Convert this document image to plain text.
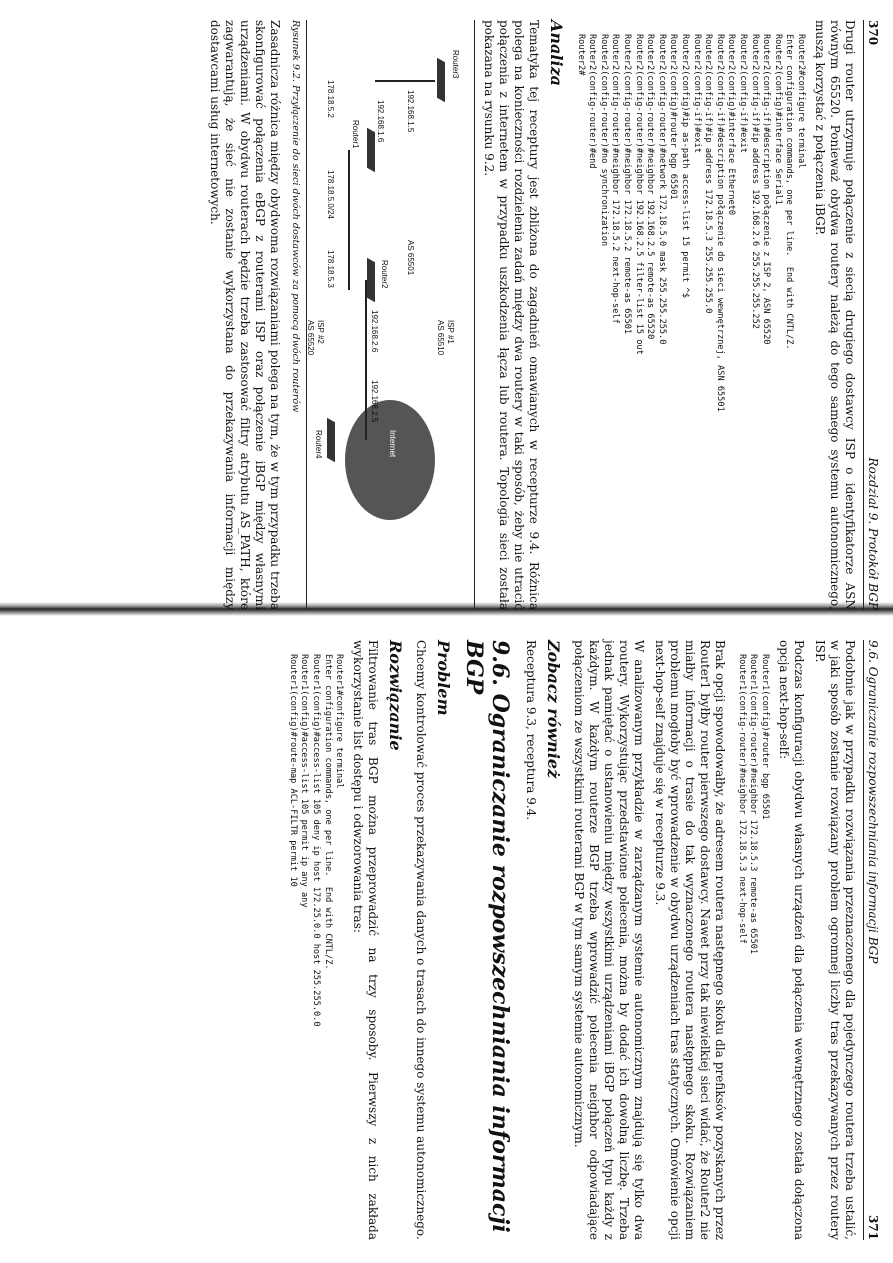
370
Rozdział 9. Protokół BGP

Drugi router utrzymuje połączenie z siecią drugiego dostawcy ISP o identyfikatorze ASN równym 65520. Ponieważ obydwa routery należą do tego samego systemu autonomicznego, muszą korzystać z połączenia iBGP.

Router2#configure terminal
Enter configuration commands, one per line.  End with CNTL/Z.
Router2(config)#interface Serial1
Router2(config-if)#description połączenie z ISP 2, ASN 65520
Router2(config-if)#ip address 192.168.2.6 255.255.255.252
Router2(config-if)#exit
Router2(config)#interface Ethernet0
Router2(config-if)#description połączenie do sieci wewnętrznej, ASN 65501
Router2(config-if)#ip address 172.18.5.3 255.255.255.0
Router2(config-if)#exit
Router2(config)#ip as-path access-list 15 permit ^$
Router2(config)#router bgp 65501
Router2(config-router)#network 172.18.5.0 mask 255.255.255.0
Router2(config-router)#neighbor 192.168.2.5 remote-as 65520
Router2(config-router)#neighbor 192.168.2.5 filter-list 15 out
Router2(config-router)#neighbor 172.18.5.2 remote-as 65501
Router2(config-router)#neighbor 172.18.5.2 next-hop-self
Router2(config-router)#no synchronization
Router2(config-router)#end
Router2#
Analiza

Tematyka tej receptury jest zbliżona do zagadnień omawianych w recepturze 9.4. Różnica polega na konieczności rozdzielenia zadań między dwa routery w taki sposób, żeby nie utracić połączenia z internetem w przypadku uszkodzenia łącza lub routera. Topologia sieci została pokazana na rysunku 9.2.

Internet
Router3
Router1
Router2
Router4
192.168.1.5
192.168.1.6
192.168.2.6
192.168.2.5
178.18.5.2
178.18.5.0/24
178.18.5.3
ISP #1
AS 65510
AS 65501
ISP #2
AS 65520
Rysunek 9.2. Przyłączenie do sieci dwóch dostawców za pomocą dwóch routerów

Zasadnicza różnica między obydwoma rozwiązaniami polega na tym, że w tym przypadku trzeba skonfigurować połączenia eBGP z routerami ISP oraz połączenie iBGP między własnymi urządzeniami. W obydwu routerach będzie trzeba zastosować filtry atrybutu AS_PATH, które zagwarantują, że sieć nie zostanie wykorzystana do przekazywania informacji między dostawcami usług internetowych.

9.6. Ograniczanie rozpowszechniania informacji BGP
371

Podobnie jak w przypadku rozwiązania przeznaczonego dla pojedynczego routera trzeba ustalić, w jaki sposób zostanie rozwiązany problem ogromnej liczby tras przekazywanych przez routery ISP.

Podczas konfiguracji obydwu własnych urządzeń dla połączenia wewnętrznego została dołączona opcja next-hop-self:

Router1(config)#router bgp 65501
Router1(config-router)#neighbor 172.18.5.3 remote-as 65501
Router1(config-router)#neighbor 172.18.5.3 next-hop-self

Brak opcji spowodowałby, że adresem routera następnego skoku dla prefiksów pozyskanych przez Router1 byłby router pierwszego dostawcy. Nawet przy tak niewielkiej sieci widać, że Router2 nie miałby informacji o trasie do tak wyznaczonego routera następnego skoku. Rozwiązaniem problemu mogłoby być wprowadzenie w obydwu urządzeniach tras statycznych. Omówienie opcji next-hop-self znajduje się w recepturze 9.3.

W analizowanym przykładzie w zarządzanym systemie autonomicznym znajdują się tylko dwa routery. Wykorzystując przedstawione polecenia, można by dodać ich dowolną liczbę. Trzeba jednak pamiętać o ustanowieniu między wszystkimi urządzeniami iBGP połączeń typu każdy z każdym. W każdym routerze BGP trzeba wprowadzić polecenia neighbor odpowiadające połączeniom ze wszystkimi routerami BGP w tym samym systemie autonomicznym.

Zobacz również

Receptura 9.3, receptura 9.4.

9.6. Ograniczanie rozpowszechniania informacji BGP
Problem

Chcemy kontrolować proces przekazywania danych o trasach do innego systemu autonomicznego.

Rozwiązanie

Filtrowanie tras BGP można przeprowadzić na trzy sposoby. Pierwszy z nich zakłada wykorzystanie list dostępu i odwzorowania tras:

Router1#configure terminal
Enter configuration commands, one per line.  End with CNTL/Z.
Router1(config)#access-list 105 deny ip host 172.25.0.0 host 255.255.0.0
Router1(config)#access-list 105 permit ip any any
Router1(config)#route-map ACL-FILTR permit 10
